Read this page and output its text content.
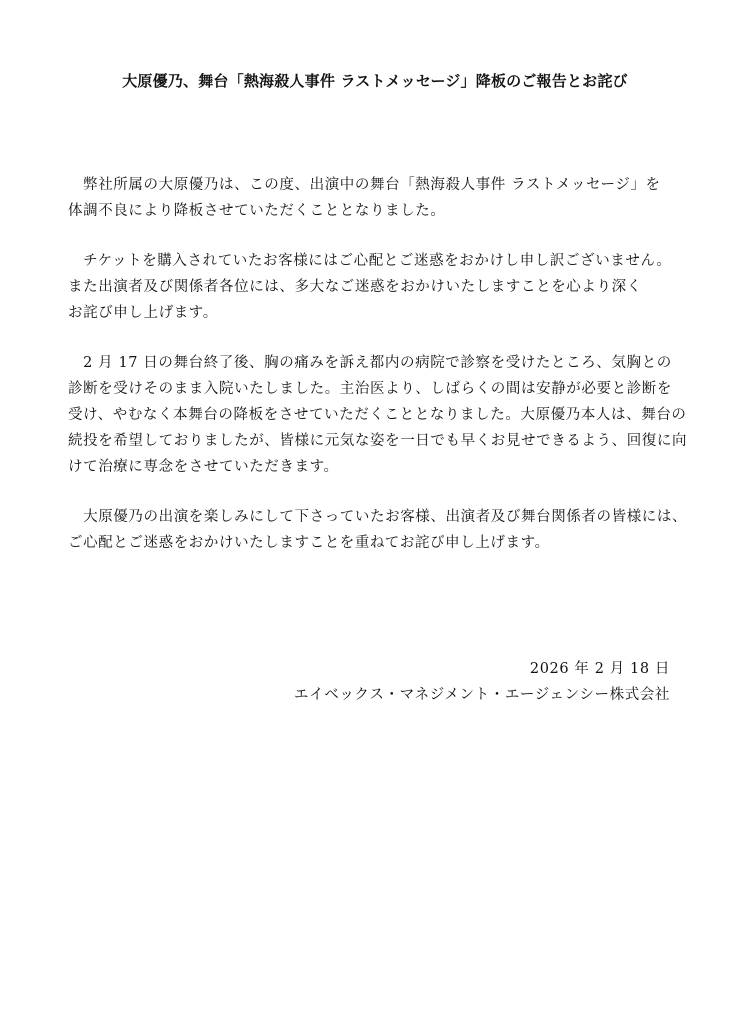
大原優乃、舞台「熱海殺人事件 ラストメッセージ」降板のご報告とお詫び

　弊社所属の大原優乃は、この度、出演中の舞台「熱海殺人事件 ラストメッセージ」を
体調不良により降板させていただくこととなりました。

　チケットを購入されていたお客様にはご心配とご迷惑をおかけし申し訳ございません。
また出演者及び関係者各位には、多大なご迷惑をおかけいたしますことを心より深く
お詫び申し上げます。

　2 月 17 日の舞台終了後、胸の痛みを訴え都内の病院で診察を受けたところ、気胸との
診断を受けそのまま入院いたしました。主治医より、しばらくの間は安静が必要と診断を
受け、やむなく本舞台の降板をさせていただくこととなりました。大原優乃本人は、舞台の
続投を希望しておりましたが、皆様に元気な姿を一日でも早くお見せできるよう、回復に向
けて治療に専念をさせていただきます。

　大原優乃の出演を楽しみにして下さっていたお客様、出演者及び舞台関係者の皆様には、
ご心配とご迷惑をおかけいたしますことを重ねてお詫び申し上げます。

2026 年 2 月 18 日
エイベックス・マネジメント・エージェンシー株式会社
